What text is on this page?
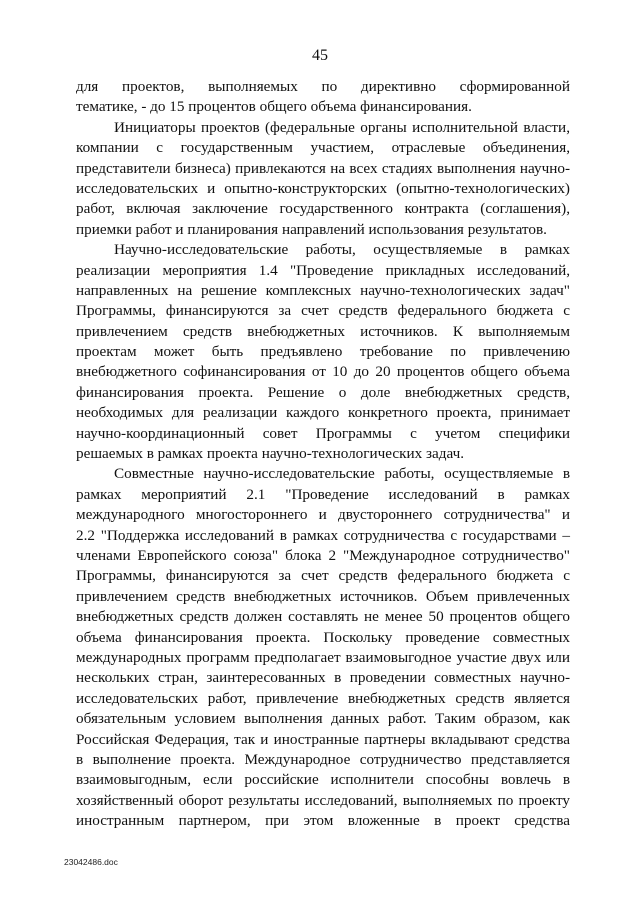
45

для проектов, выполняемых по директивно сформированной
тематике, - до 15 процентов общего объема финансирования.

Инициаторы проектов (федеральные органы исполнительной власти,
компании с государственным участием, отраслевые объединения,
представители бизнеса) привлекаются на всех стадиях выполнения научно-
исследовательских и опытно-конструкторских (опытно-технологических)
работ, включая заключение государственного контракта (соглашения),
приемки работ и планирования направлений использования результатов.

Научно-исследовательские работы, осуществляемые в рамках
реализации мероприятия 1.4 "Проведение прикладных исследований,
направленных на решение комплексных научно-технологических задач"
Программы, финансируются за счет средств федерального бюджета с
привлечением средств внебюджетных источников. К выполняемым
проектам может быть предъявлено требование по привлечению
внебюджетного софинансирования от 10 до 20 процентов общего объема
финансирования проекта. Решение о доле внебюджетных средств,
необходимых для реализации каждого конкретного проекта, принимает
научно-координационный совет Программы с учетом специфики
решаемых в рамках проекта научно-технологических задач.

Совместные научно-исследовательские работы, осуществляемые в
рамках мероприятий 2.1 "Проведение исследований в рамках
международного многостороннего и двустороннего сотрудничества" и
2.2 "Поддержка исследований в рамках сотрудничества с государствами –
членами Европейского союза" блока 2 "Международное сотрудничество"
Программы, финансируются за счет средств федерального бюджета с
привлечением средств внебюджетных источников. Объем привлеченных
внебюджетных средств должен составлять не менее 50 процентов общего
объема финансирования проекта. Поскольку проведение совместных
международных программ предполагает взаимовыгодное участие двух или
нескольких стран, заинтересованных в проведении совместных научно-
исследовательских работ, привлечение внебюджетных средств является
обязательным условием выполнения данных работ. Таким образом, как
Российская Федерация, так и иностранные партнеры вкладывают средства
в выполнение проекта. Международное сотрудничество представляется
взаимовыгодным, если российские исполнители способны вовлечь в
хозяйственный оборот результаты исследований, выполняемых по проекту
иностранным партнером, при этом вложенные в проект средства

23042486.doc
